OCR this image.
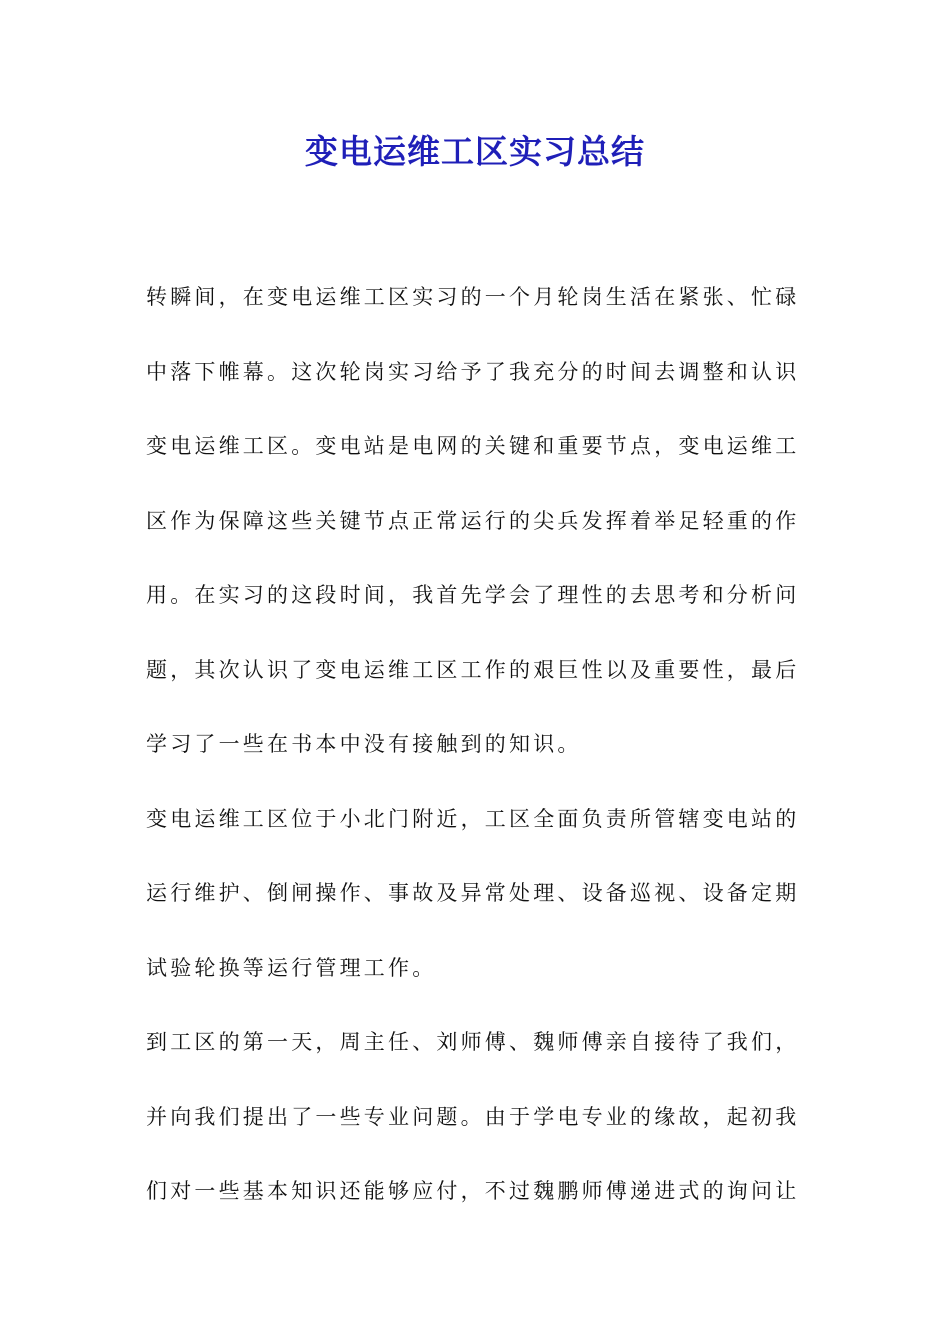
变电运维工区实习总结
转瞬间，在变电运维工区实习的一个月轮岗生活在紧张、忙碌
中落下帷幕。这次轮岗实习给予了我充分的时间去调整和认识
变电运维工区。变电站是电网的关键和重要节点，变电运维工
区作为保障这些关键节点正常运行的尖兵发挥着举足轻重的作
用。在实习的这段时间，我首先学会了理性的去思考和分析问
题，其次认识了变电运维工区工作的艰巨性以及重要性，最后
学习了一些在书本中没有接触到的知识。
变电运维工区位于小北门附近，工区全面负责所管辖变电站的
运行维护、倒闸操作、事故及异常处理、设备巡视、设备定期
试验轮换等运行管理工作。
到工区的第一天，周主任、刘师傅、魏师傅亲自接待了我们，
并向我们提出了一些专业问题。由于学电专业的缘故，起初我
们对一些基本知识还能够应付，不过魏鹏师傅递进式的询问让
